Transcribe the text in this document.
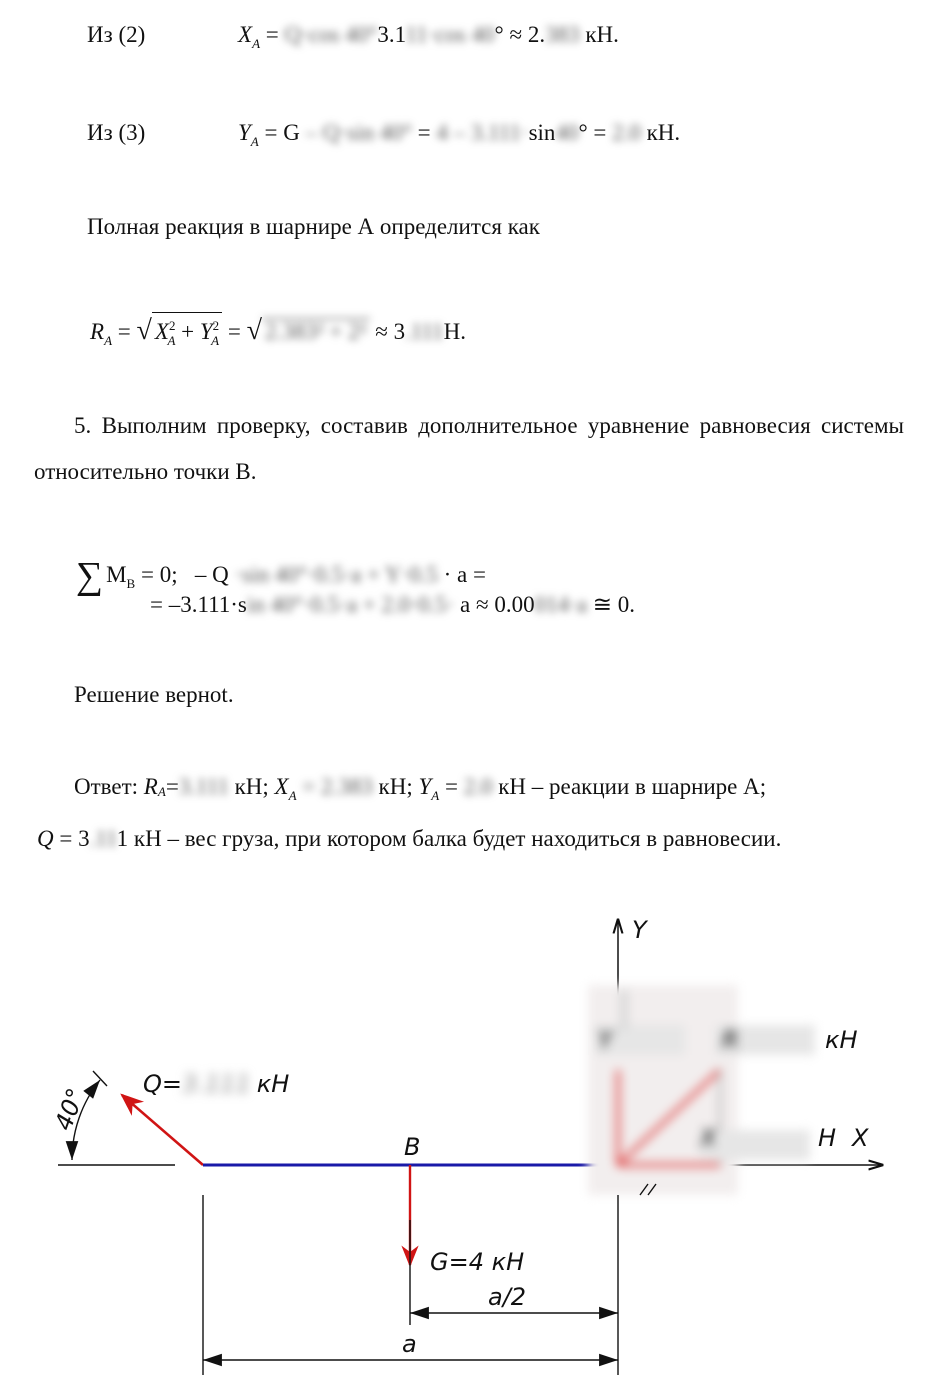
Из (2)	$X_A = Q\cdot\cos$ 40°3.111·cos 40° ≈ 2.383 кН.
Из (3)	$Y_A = G - Q\cdot\sin$ 40° = 4 – 3.111·sin40° = 2.0 кН.
Полная реакция в шарнире А определится как
$R_A$ = √ $X^2_A + Y^2_A$ = √ 2.383² + 2² ≈ 3.111Н.
5. Выполним проверку, составив дополнительное уравнение равновесия системы относительно точки В.
∑ $M_B = 0$; – Q ·sin 40°·0.5·a + Y·0.5 · a =
= –3.111·sin 40°·0.5·a + 2.0·0.5· a ≈ 0.00014·a ≅ 0.
Решение верноt.
Ответ: $R_A=3.111$ кН; $X_A = 2.383$ кН; $Y_A = 2.0$ кН – реакции в шарнире А;
Q = 3.111 кН – вес груза, при котором балка будет находиться в равновесии.
Y
X
40°
Q=3.111 кН
B
G=4 кН
Y	R
X
кН
Н
a/2
a
